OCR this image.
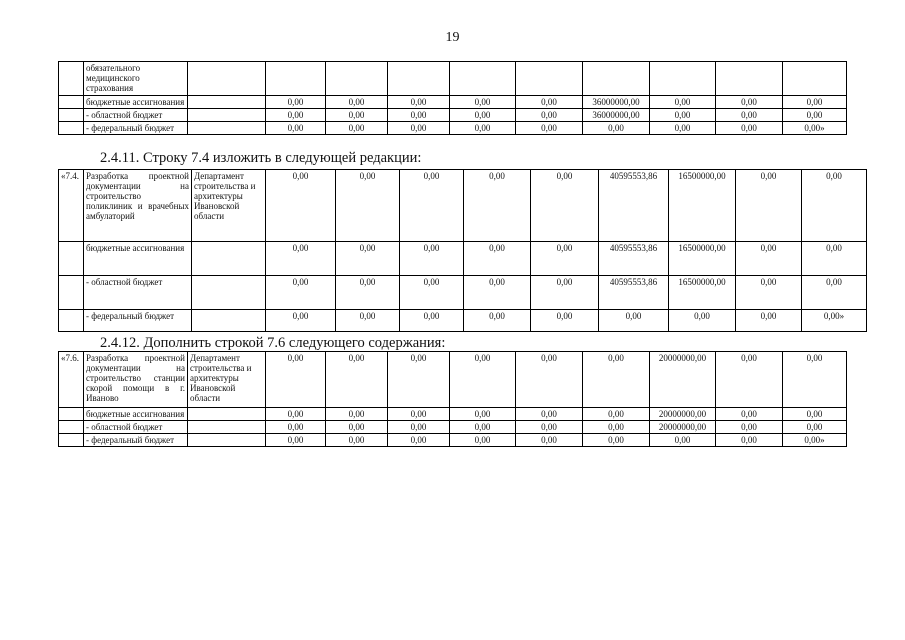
19
	обязательного медицинского страхования										
	бюджетные ассигнования		0,00	0,00	0,00	0,00	0,00	36000000,00	0,00	0,00	0,00
	- областной бюджет		0,00	0,00	0,00	0,00	0,00	36000000,00	0,00	0,00	0,00
	- федеральный бюджет		0,00	0,00	0,00	0,00	0,00	0,00	0,00	0,00	0,00»
2.4.11. Строку 7.4 изложить в следующей редакции:
«7.4.	Разработка проектной документации на строительство поликлиник и врачебных амбулаторий	Департамент строительства и архитектуры Ивановской области	0,00	0,00	0,00	0,00	0,00	40595553,86	16500000,00	0,00	0,00
	бюджетные ассигнования		0,00	0,00	0,00	0,00	0,00	40595553,86	16500000,00	0,00	0,00
	- областной бюджет		0,00	0,00	0,00	0,00	0,00	40595553,86	16500000,00	0,00	0,00
	- федеральный бюджет		0,00	0,00	0,00	0,00	0,00	0,00	0,00	0,00	0,00»
2.4.12. Дополнить строкой 7.6 следующего содержания:
«7.6.	Разработка проектной документации на строительство станции скорой помощи в г. Иваново	Департамент строительства и архитектуры Ивановской области	0,00	0,00	0,00	0,00	0,00	0,00	20000000,00	0,00	0,00
	бюджетные ассигнования		0,00	0,00	0,00	0,00	0,00	0,00	20000000,00	0,00	0,00
	- областной бюджет		0,00	0,00	0,00	0,00	0,00	0,00	20000000,00	0,00	0,00
	- федеральный бюджет		0,00	0,00	0,00	0,00	0,00	0,00	0,00	0,00	0,00»
